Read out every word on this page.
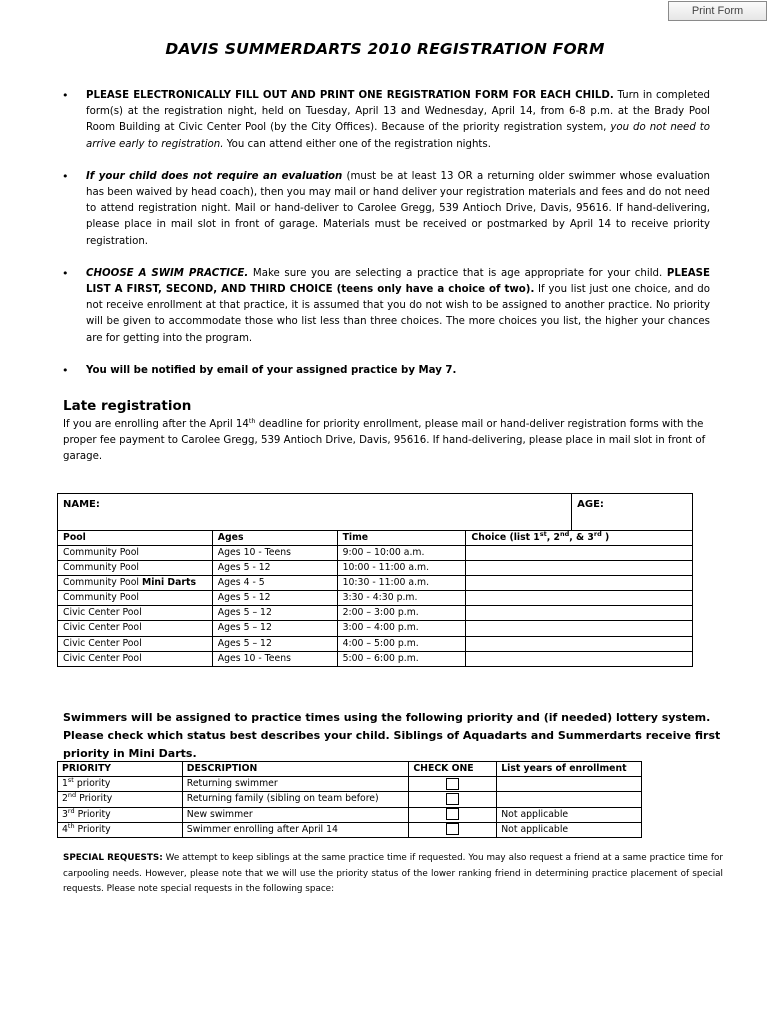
Print Form
DAVIS SUMMERDARTS 2010 REGISTRATION FORM
• PLEASE ELECTRONICALLY FILL OUT AND PRINT ONE REGISTRATION FORM FOR EACH CHILD. Turn in completed form(s) at the registration night, held on Tuesday, April 13 and Wednesday, April 14, from 6-8 p.m. at the Brady Pool Room Building at Civic Center Pool (by the City Offices). Because of the priority registration system, you do not need to arrive early to registration. You can attend either one of the registration nights.
• If your child does not require an evaluation (must be at least 13 OR a returning older swimmer whose evaluation has been waived by head coach), then you may mail or hand deliver your registration materials and fees and do not need to attend registration night. Mail or hand-deliver to Carolee Gregg, 539 Antioch Drive, Davis, 95616. If hand-delivering, please place in mail slot in front of garage. Materials must be received or postmarked by April 14 to receive priority registration.
• CHOOSE A SWIM PRACTICE. Make sure you are selecting a practice that is age appropriate for your child. PLEASE LIST A FIRST, SECOND, AND THIRD CHOICE (teens only have a choice of two). If you list just one choice, and do not receive enrollment at that practice, it is assumed that you do not wish to be assigned to another practice. No priority will be given to accommodate those who list less than three choices. The more choices you list, the higher your chances are for getting into the program.
• You will be notified by email of your assigned practice by May 7.
Late registration
If you are enrolling after the April 14th deadline for priority enrollment, please mail or hand-deliver registration forms with the proper fee payment to Carolee Gregg, 539 Antioch Drive, Davis, 95616. If hand-delivering, please place in mail slot in front of garage.
NAME:				AGE:
Pool	Ages	Time	Choice (list 1st, 2nd, & 3rd )	
Community Pool	Ages 10 - Teens	9:00 – 10:00 a.m.		
Community Pool	Ages 5 - 12	10:00 - 11:00 a.m.		
Community Pool Mini Darts	Ages 4 - 5	10:30 - 11:00 a.m.		
Community Pool	Ages 5 - 12	3:30 - 4:30 p.m.		
Civic Center Pool	Ages 5 – 12	2:00 – 3:00 p.m.		
Civic Center Pool	Ages 5 – 12	3:00 – 4:00 p.m.		
Civic Center Pool	Ages 5 – 12	4:00 – 5:00 p.m.		
Civic Center Pool	Ages 10 - Teens	5:00 – 6:00 p.m.		
Swimmers will be assigned to practice times using the following priority and (if needed) lottery system. Please check which status best describes your child. Siblings of Aquadarts and Summerdarts receive first priority in Mini Darts.
PRIORITY	DESCRIPTION	CHECK ONE	List years of enrollment
1st priority	Returning swimmer		
2nd Priority	Returning family (sibling on team before)		
3rd Priority	New swimmer		Not applicable
4th Priority	Swimmer enrolling after April 14		Not applicable
SPECIAL REQUESTS: We attempt to keep siblings at the same practice time if requested. You may also request a friend at a same practice time for carpooling needs. However, please note that we will use the priority status of the lower ranking friend in determining practice placement of special requests. Please note special requests in the following space:
